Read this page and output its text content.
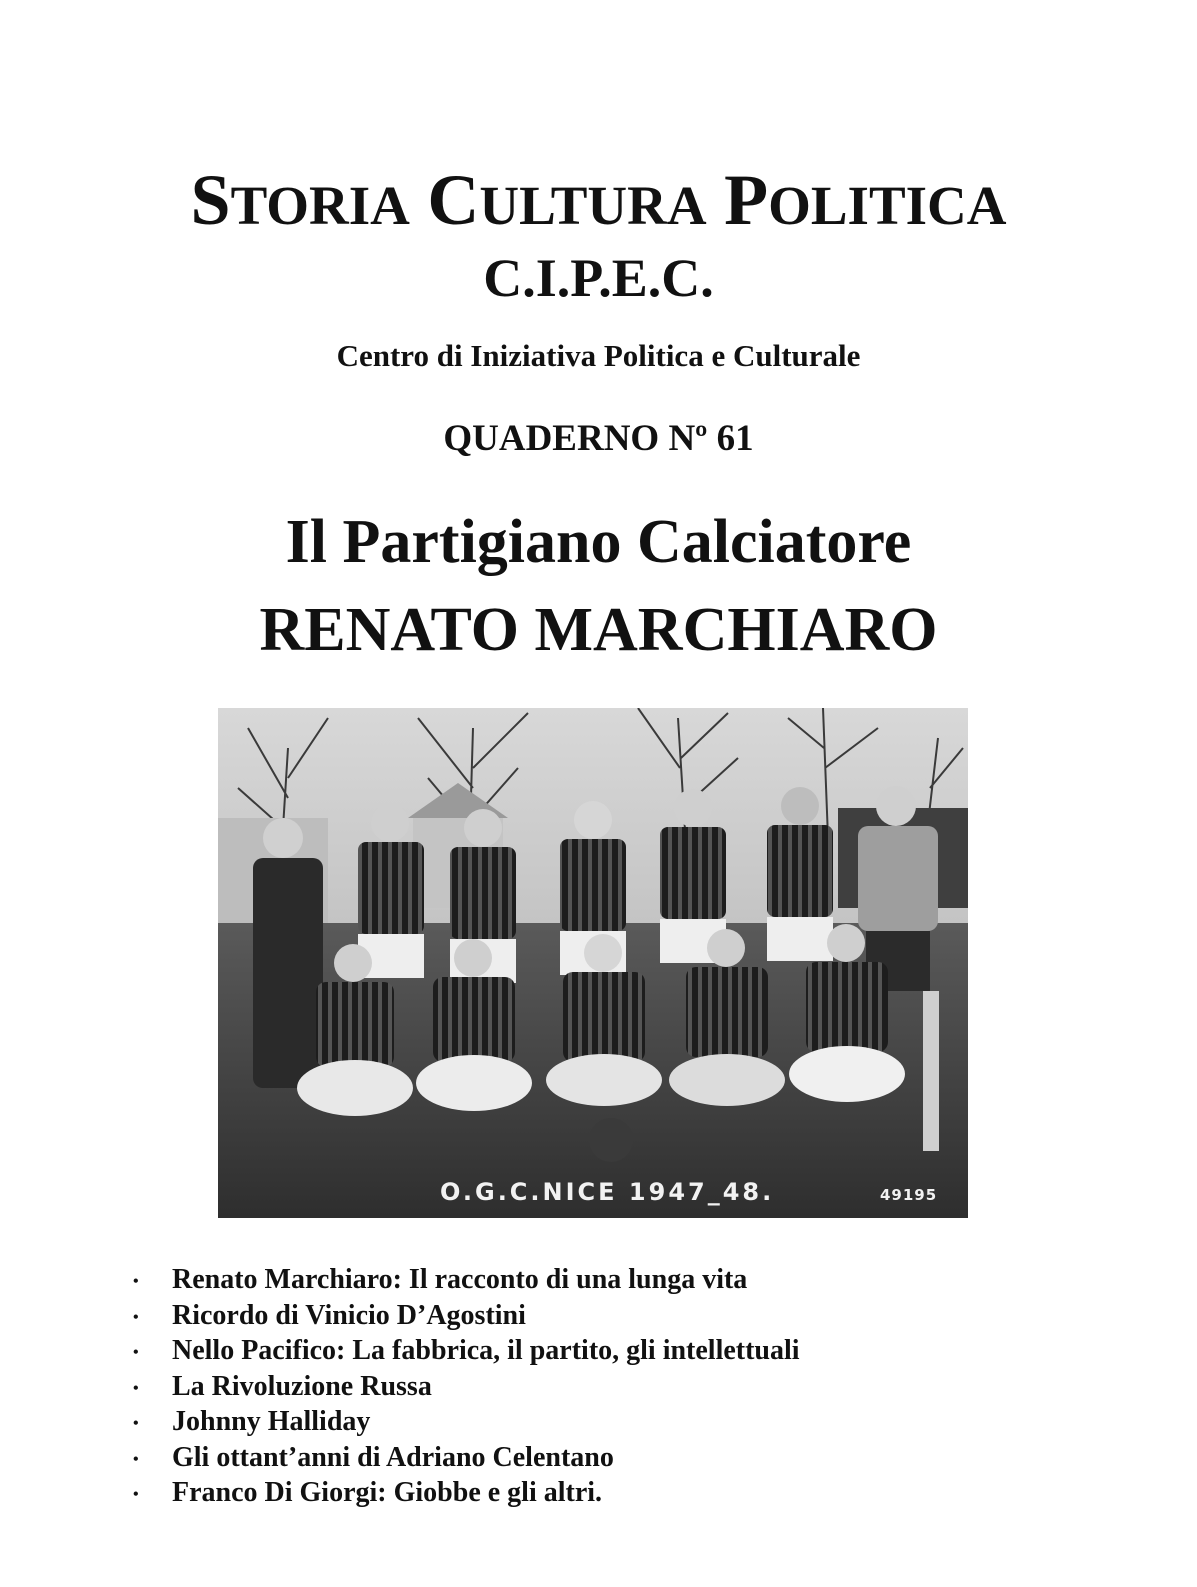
STORIA CULTURA POLITICA
C.I.P.E.C.
Centro di Iniziativa Politica e Culturale
QUADERNO Nº 61
Il Partigiano Calciatore
RENATO MARCHIARO
O.G.C.NICE 1947_48.	49195
• Renato Marchiaro: Il racconto di una lunga vita
• Ricordo di Vinicio D’Agostini
• Nello Pacifico: La fabbrica, il partito, gli intellettuali
• La Rivoluzione Russa
• Johnny Halliday
• Gli ottant’anni di Adriano Celentano
• Franco Di Giorgi: Giobbe e gli altri.
